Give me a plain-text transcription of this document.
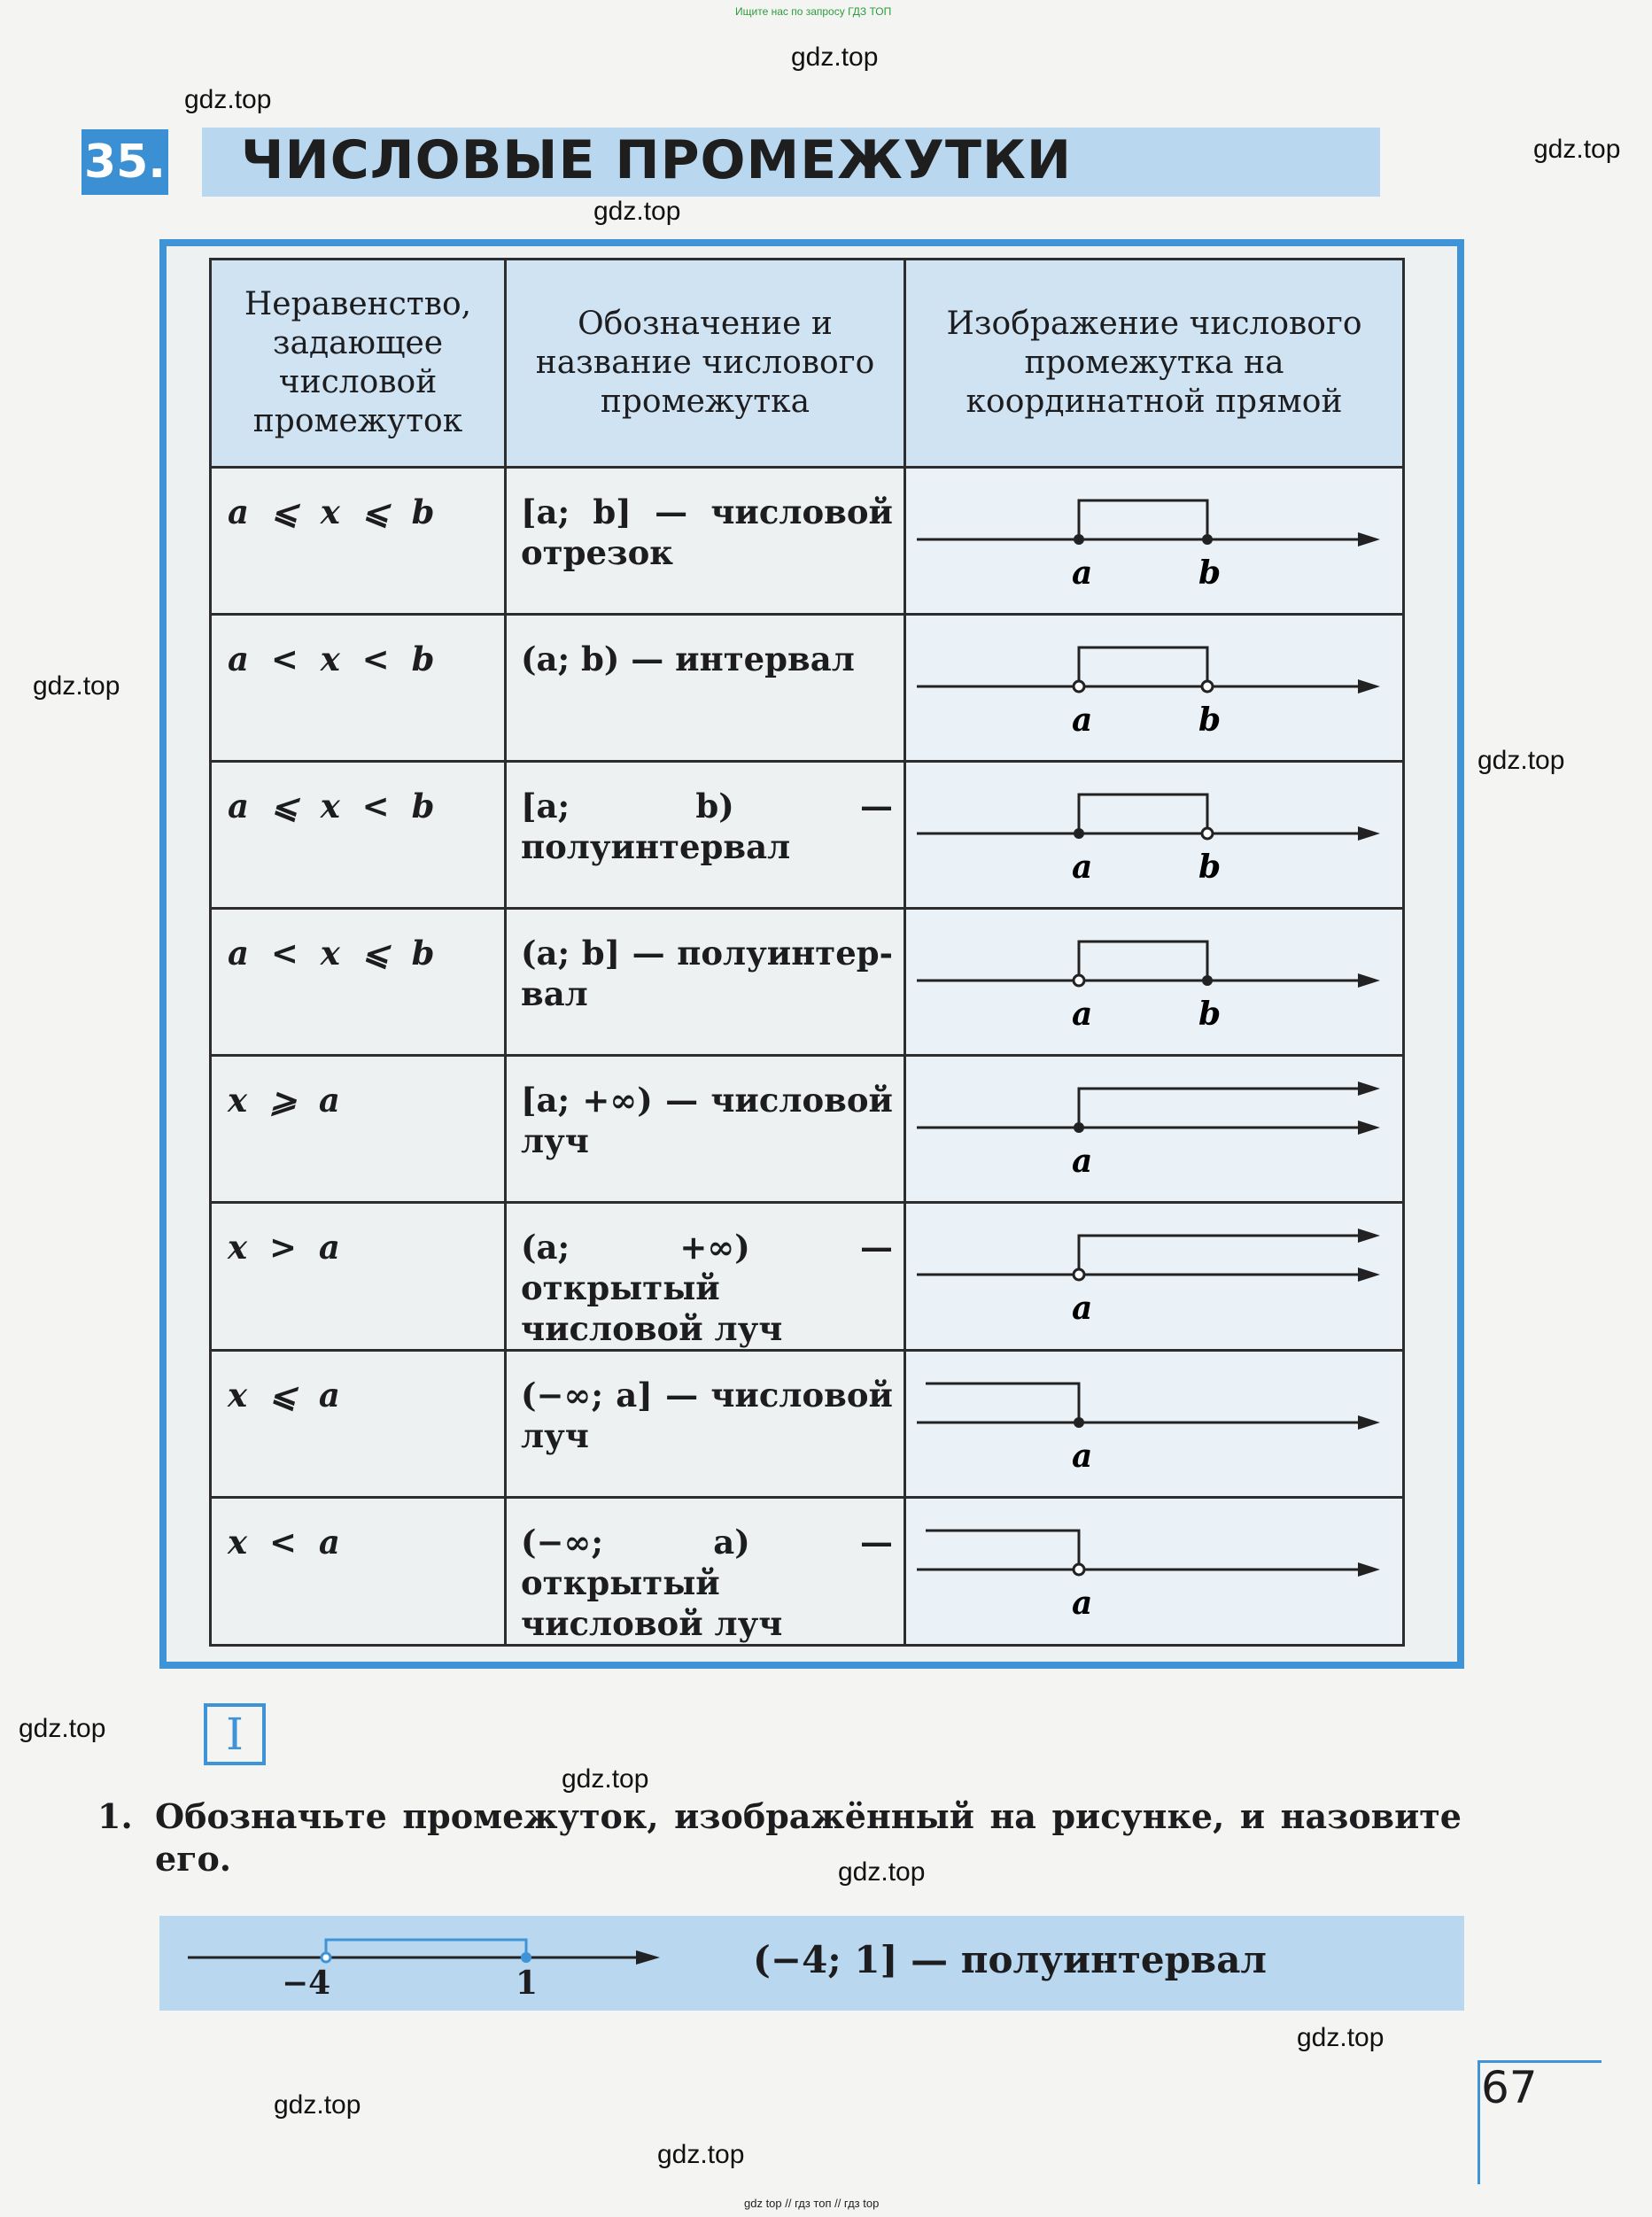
Ищите нас по запросу ГДЗ ТОП
gdz top // гдз топ // гдз top
gdz.top
gdz.top
gdz.top
gdz.top
gdz.top
gdz.top
gdz.top
gdz.top
gdz.top
gdz.top
gdz.top
gdz.top
35. ЧИСЛОВЫЕ ПРОМЕЖУТКИ
Неравенство, задающее числовой промежуток	Обозначение и название числового промежутка	Изображение числового промежутка на координатной прямой

a ⩽ x ⩽ b	[a; b] — числовой отрезок	a b

a < x < b	(a; b) — интервал	a b

a ⩽ x < b	[a; b) — полуинтервал	a b

a < x ⩽ b	(a; b] — полуинтервал	a b

x ⩾ a	[a; +∞) — числовой луч	a

x > a	(a; +∞) — открытый числовой луч	a

x ⩽ a	(−∞; a] — числовой луч	a

x < a	(−∞; a) — открытый числовой луч	a
I
1. Обозначьте промежуток, изображённый на рисунке, и назовите его.
−4	1
(−4; 1] — полуинтервал
67
